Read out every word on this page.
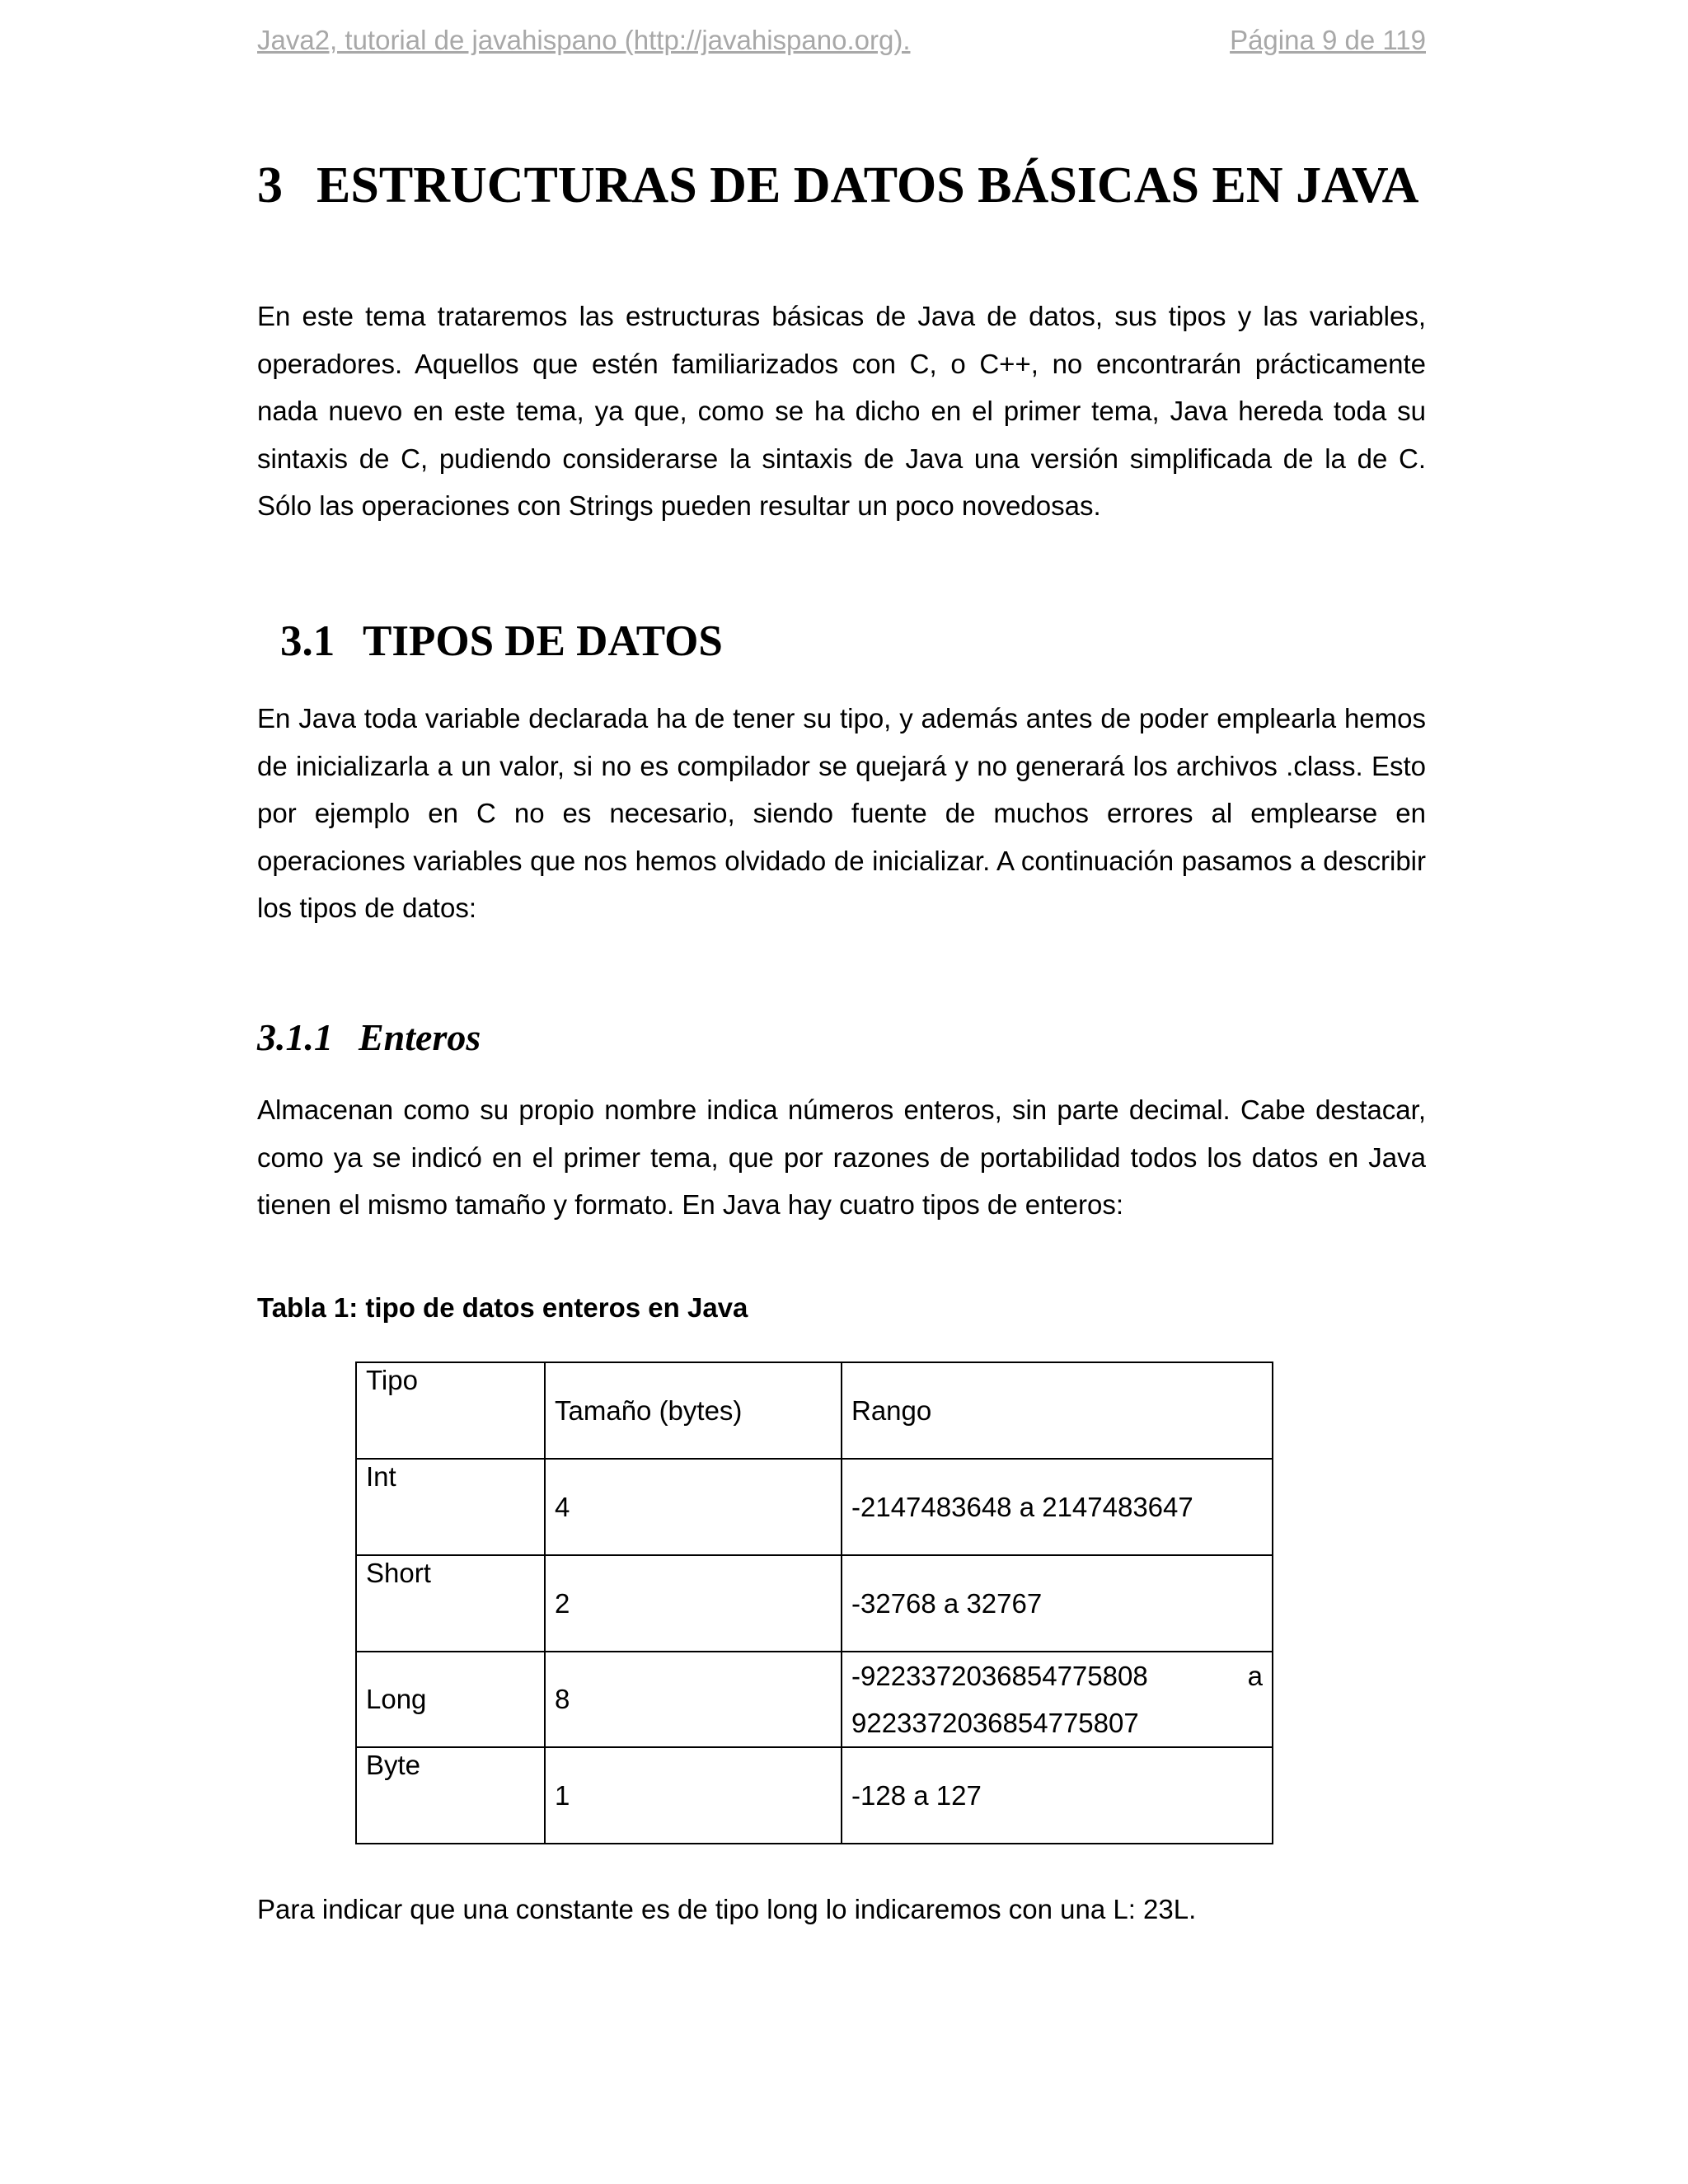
Java2, tutorial de javahispano (http://javahispano.org).	Página 9 de 119
3 ESTRUCTURAS DE DATOS BÁSICAS EN JAVA

En este tema trataremos las estructuras básicas de Java de datos, sus tipos y las variables, operadores. Aquellos que estén familiarizados con C, o C++, no encontrarán prácticamente nada nuevo en este tema, ya que, como se ha dicho en el primer tema, Java hereda toda su sintaxis de C, pudiendo considerarse la sintaxis de Java una versión simplificada de la de C. Sólo las operaciones con Strings pueden resultar un poco novedosas.

3.1 TIPOS DE DATOS

En Java toda variable declarada ha de tener su tipo, y además antes de poder emplearla hemos de inicializarla a un valor, si no es compilador se quejará y no generará los archivos .class. Esto por ejemplo en C no es necesario, siendo fuente de muchos errores al emplearse en operaciones variables que nos hemos olvidado de inicializar. A continuación pasamos a describir los tipos de datos:

3.1.1 Enteros

Almacenan como su propio nombre indica números enteros, sin parte decimal. Cabe destacar, como ya se indicó en el primer tema, que por razones de portabilidad todos los datos en Java tienen el mismo tamaño y formato. En Java hay cuatro tipos de enteros:

Tabla 1: tipo de datos enteros en Java
Tipo	Tamaño (bytes)	Rango
Int	4	-2147483648 a 2147483647
Short	2	-32768 a 32767
Long	8	-9223372036854775808 a
9223372036854775807

Byte	1	-128 a 127

Para indicar que una constante es de tipo long lo indicaremos con una L: 23L.
